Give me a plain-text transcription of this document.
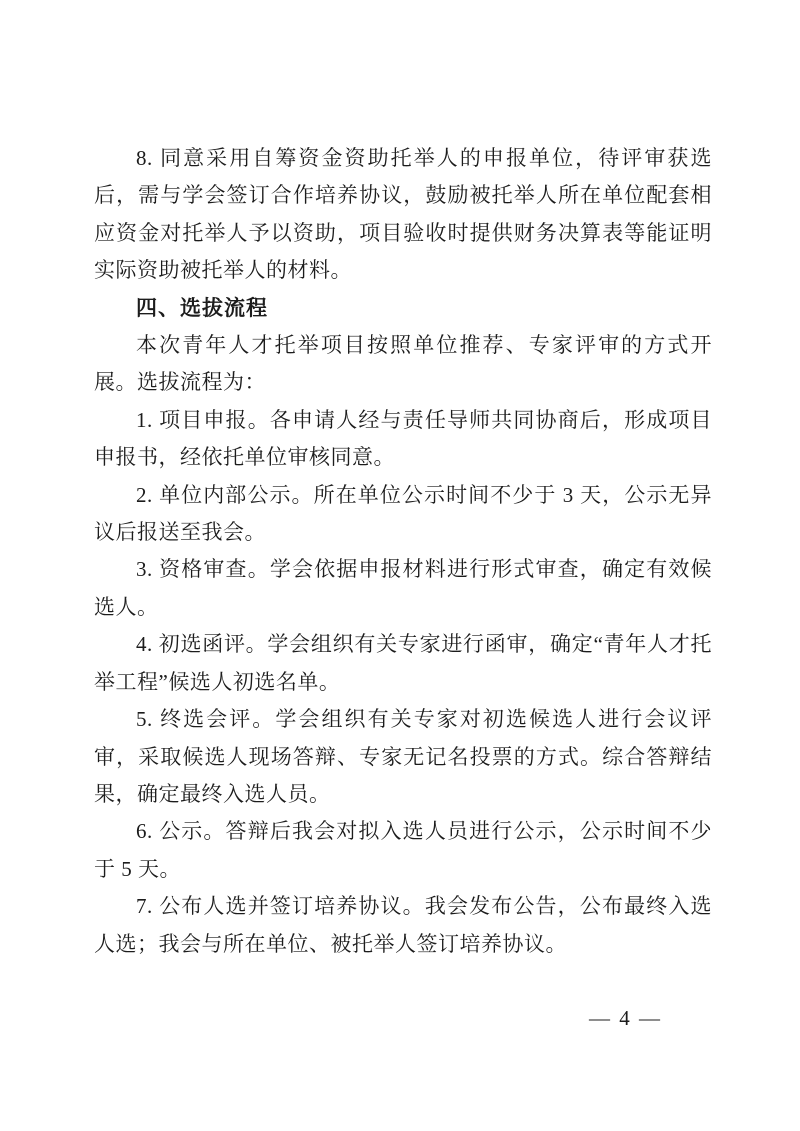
8. 同意采用自筹资金资助托举人的申报单位，待评审获选后，需与学会签订合作培养协议，鼓励被托举人所在单位配套相应资金对托举人予以资助，项目验收时提供财务决算表等能证明实际资助被托举人的材料。

四、选拔流程

本次青年人才托举项目按照单位推荐、专家评审的方式开展。选拔流程为：

1. 项目申报。各申请人经与责任导师共同协商后，形成项目申报书，经依托单位审核同意。

2. 单位内部公示。所在单位公示时间不少于 3 天，公示无异议后报送至我会。

3. 资格审查。学会依据申报材料进行形式审查，确定有效候选人。

4. 初选函评。学会组织有关专家进行函审，确定“青年人才托举工程”候选人初选名单。

5. 终选会评。学会组织有关专家对初选候选人进行会议评审，采取候选人现场答辩、专家无记名投票的方式。综合答辩结果，确定最终入选人员。

6. 公示。答辩后我会对拟入选人员进行公示，公示时间不少于 5 天。

7. 公布人选并签订培养协议。我会发布公告，公布最终入选人选；我会与所在单位、被托举人签订培养协议。

— 4 —
